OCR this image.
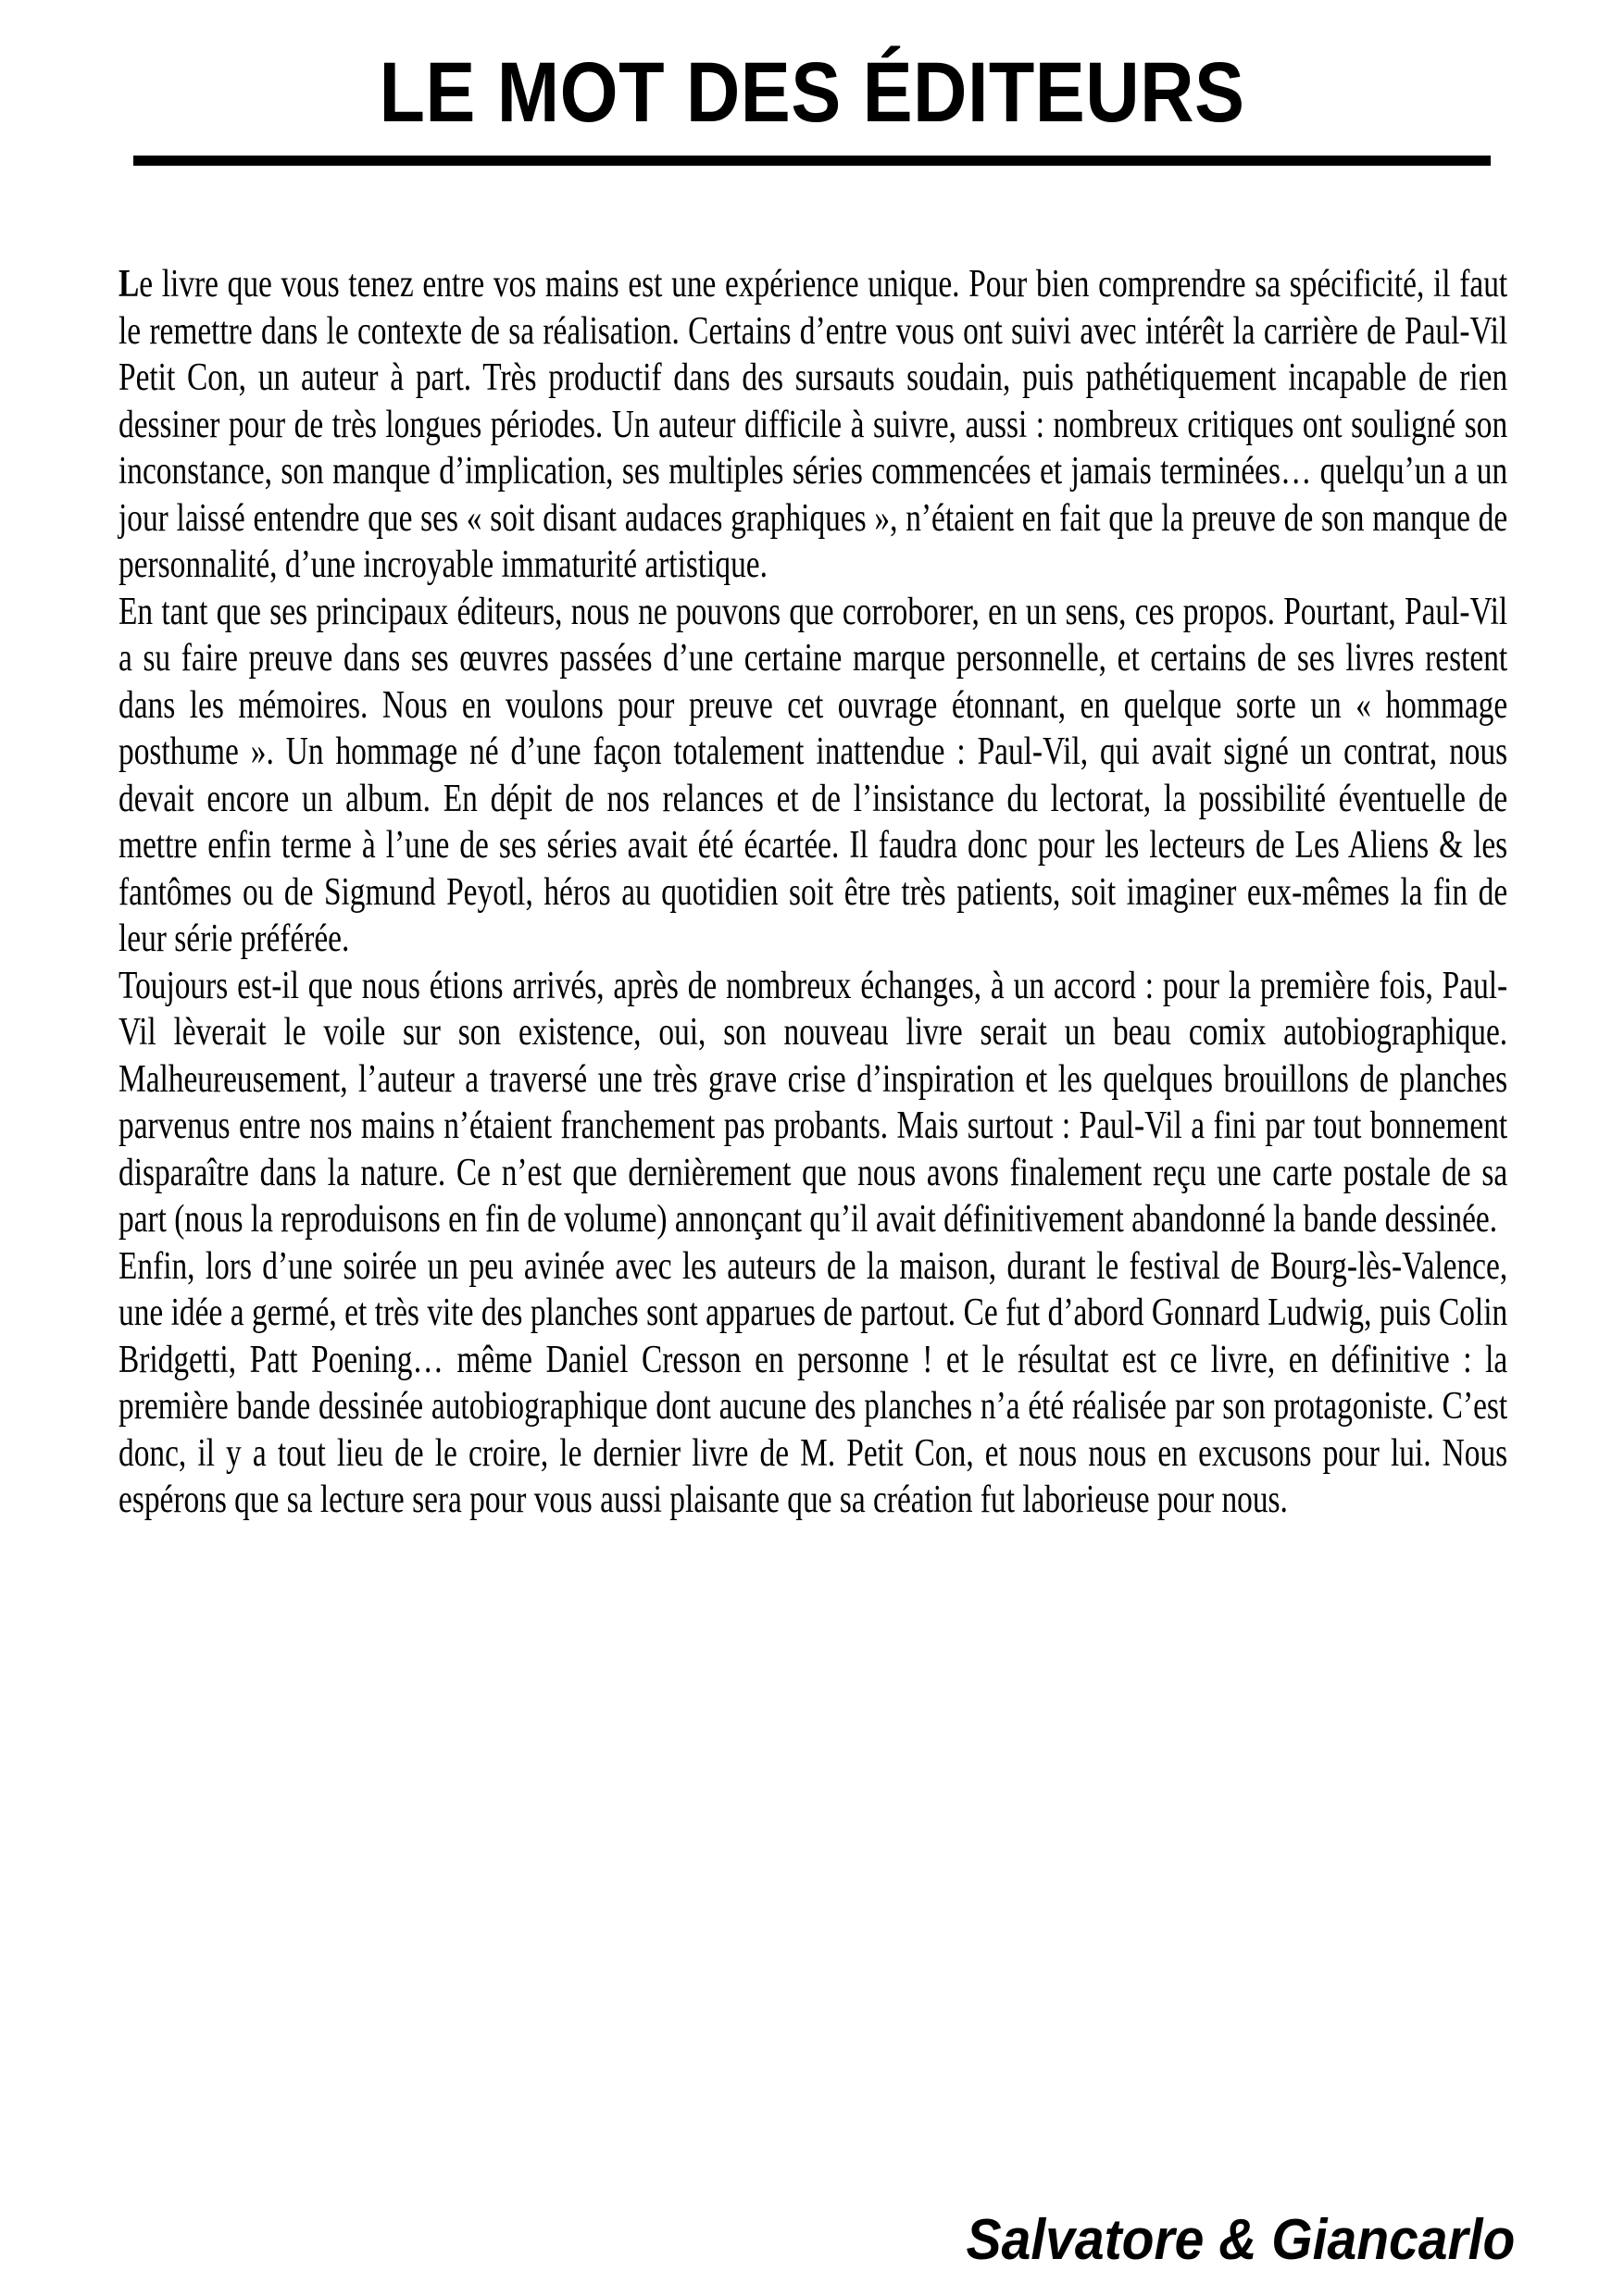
LE MOT DES ÉDITEURS

Le livre que vous tenez entre vos mains est une expérience unique. Pour bien comprendre sa spécificité, il faut le remettre dans le contexte de sa réalisation. Certains d’entre vous ont suivi avec intérêt la carrière de Paul-Vil Petit Con, un auteur à part. Très productif dans des sursauts soudain, puis pathétiquement incapable de rien dessiner pour de très longues périodes. Un auteur difficile à suivre, aussi : nombreux critiques ont souligné son inconstance, son manque d’implication, ses multiples séries commencées et jamais terminées… quelqu’un a un jour laissé entendre que ses « soit disant audaces graphiques », n’étaient en fait que la preuve de son manque de personnalité, d’une incroyable immaturité artistique.

En tant que ses principaux éditeurs, nous ne pouvons que corroborer, en un sens, ces propos. Pourtant, Paul-Vil a su faire preuve dans ses œuvres passées d’une certaine marque personnelle, et certains de ses livres restent dans les mémoires. Nous en voulons pour preuve cet ouvrage étonnant, en quelque sorte un « hommage posthume ». Un hommage né d’une façon totalement inattendue : Paul-Vil, qui avait signé un contrat, nous devait encore un album. En dépit de nos relances et de l’insistance du lectorat, la possibilité éventuelle de mettre enfin terme à l’une de ses séries avait été écartée. Il faudra donc pour les lecteurs de Les Aliens & les fantômes ou de Sigmund Peyotl, héros au quotidien soit être très patients, soit imaginer eux-mêmes la fin de leur série préférée.

Toujours est-il que nous étions arrivés, après de nombreux échanges, à un accord : pour la première fois, Paul-Vil lèverait le voile sur son existence, oui, son nouveau livre serait un beau comix autobiographique. Malheureusement, l’auteur a traversé une très grave crise d’inspiration et les quelques brouillons de planches parvenus entre nos mains n’étaient franchement pas probants. Mais surtout : Paul-Vil a fini par tout bonnement disparaître dans la nature. Ce n’est que dernièrement que nous avons finalement reçu une carte postale de sa part (nous la reproduisons en fin de volume) annonçant qu’il avait définitivement abandonné la bande dessinée.

Enfin, lors d’une soirée un peu avinée avec les auteurs de la maison, durant le festival de Bourg-lès-Valence, une idée a germé, et très vite des planches sont apparues de partout. Ce fut d’abord Gonnard Ludwig, puis Colin Bridgetti, Patt Poening… même Daniel Cresson en personne ! et le résultat est ce livre, en définitive : la première bande dessinée autobiographique dont aucune des planches n’a été réalisée par son protagoniste. C’est donc, il y a tout lieu de le croire, le dernier livre de M. Petit Con, et nous nous en excusons pour lui. Nous espérons que sa lecture sera pour vous aussi plaisante que sa création fut laborieuse pour nous.

Salvatore & Giancarlo
